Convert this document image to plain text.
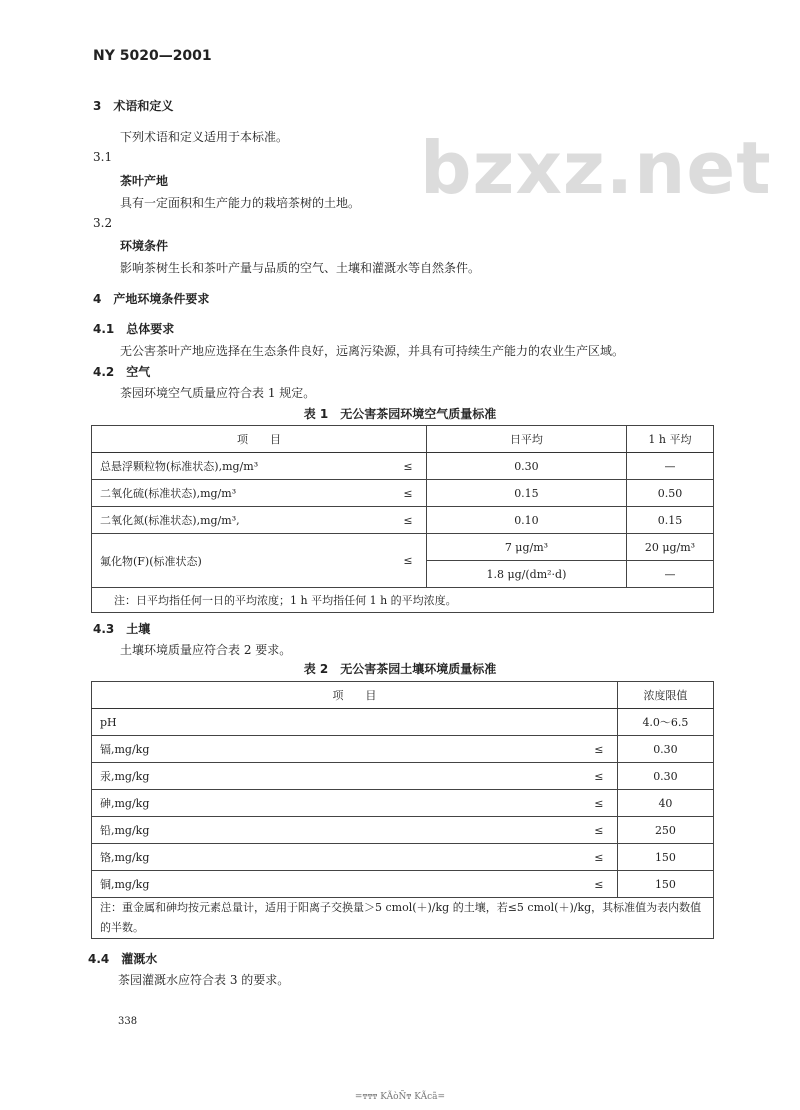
bzxz.net
NY 5020—2001
3　 术语和定义
下列术语和定义适用于本标准。
3.1
茶叶产地
具有一定面积和生产能力的栽培茶树的土地。
3.2
环境条件
影响茶树生长和茶叶产量与品质的空气、土壤和灌溉水等自然条件。
4　 产地环境条件要求
4.1　 总体要求
无公害茶叶产地应选择在生态条件良好，远离污染源，并具有可持续生产能力的农业生产区域。
4.2　 空气
茶园环境空气质量应符合表 1 规定。
表 1　无公害茶园环境空气质量标准
项　　目		日平均	1 h 平均
总悬浮颗粒物(标准状态),mg/m³	≤	0.30	—
二氧化硫(标准状态),mg/m³	≤	0.15	0.50
二氧化氮(标准状态),mg/m³,	≤	0.10	0.15
氟化物(F)(标准状态)	≤	7 μg/m³	20 μg/m³
		1.8 μg/(dm²·d)	—
注：日平均指任何一日的平均浓度；1 h 平均指任何 1 h 的平均浓度。			
4.3　 土壤
土壤环境质量应符合表 2 要求。
表 2　无公害茶园土壤环境质量标准
项　　目		浓度限值
pH		4.0～6.5
镉,mg/kg	≤	0.30
汞,mg/kg	≤	0.30
砷,mg/kg	≤	40
铅,mg/kg	≤	250
铬,mg/kg	≤	150
铜,mg/kg	≤	150
注：重金属和砷均按元素总量计，适用于阳离子交换量＞5 cmol(＋)/kg 的土壤，若≤5 cmol(＋)/kg，其标准值为表内数值的半数。		
4.4　 灌溉水
茶园灌溉水应符合表 3 的要求。
338
=ͳͳͳ KÃòÑͳ KÃcã=
